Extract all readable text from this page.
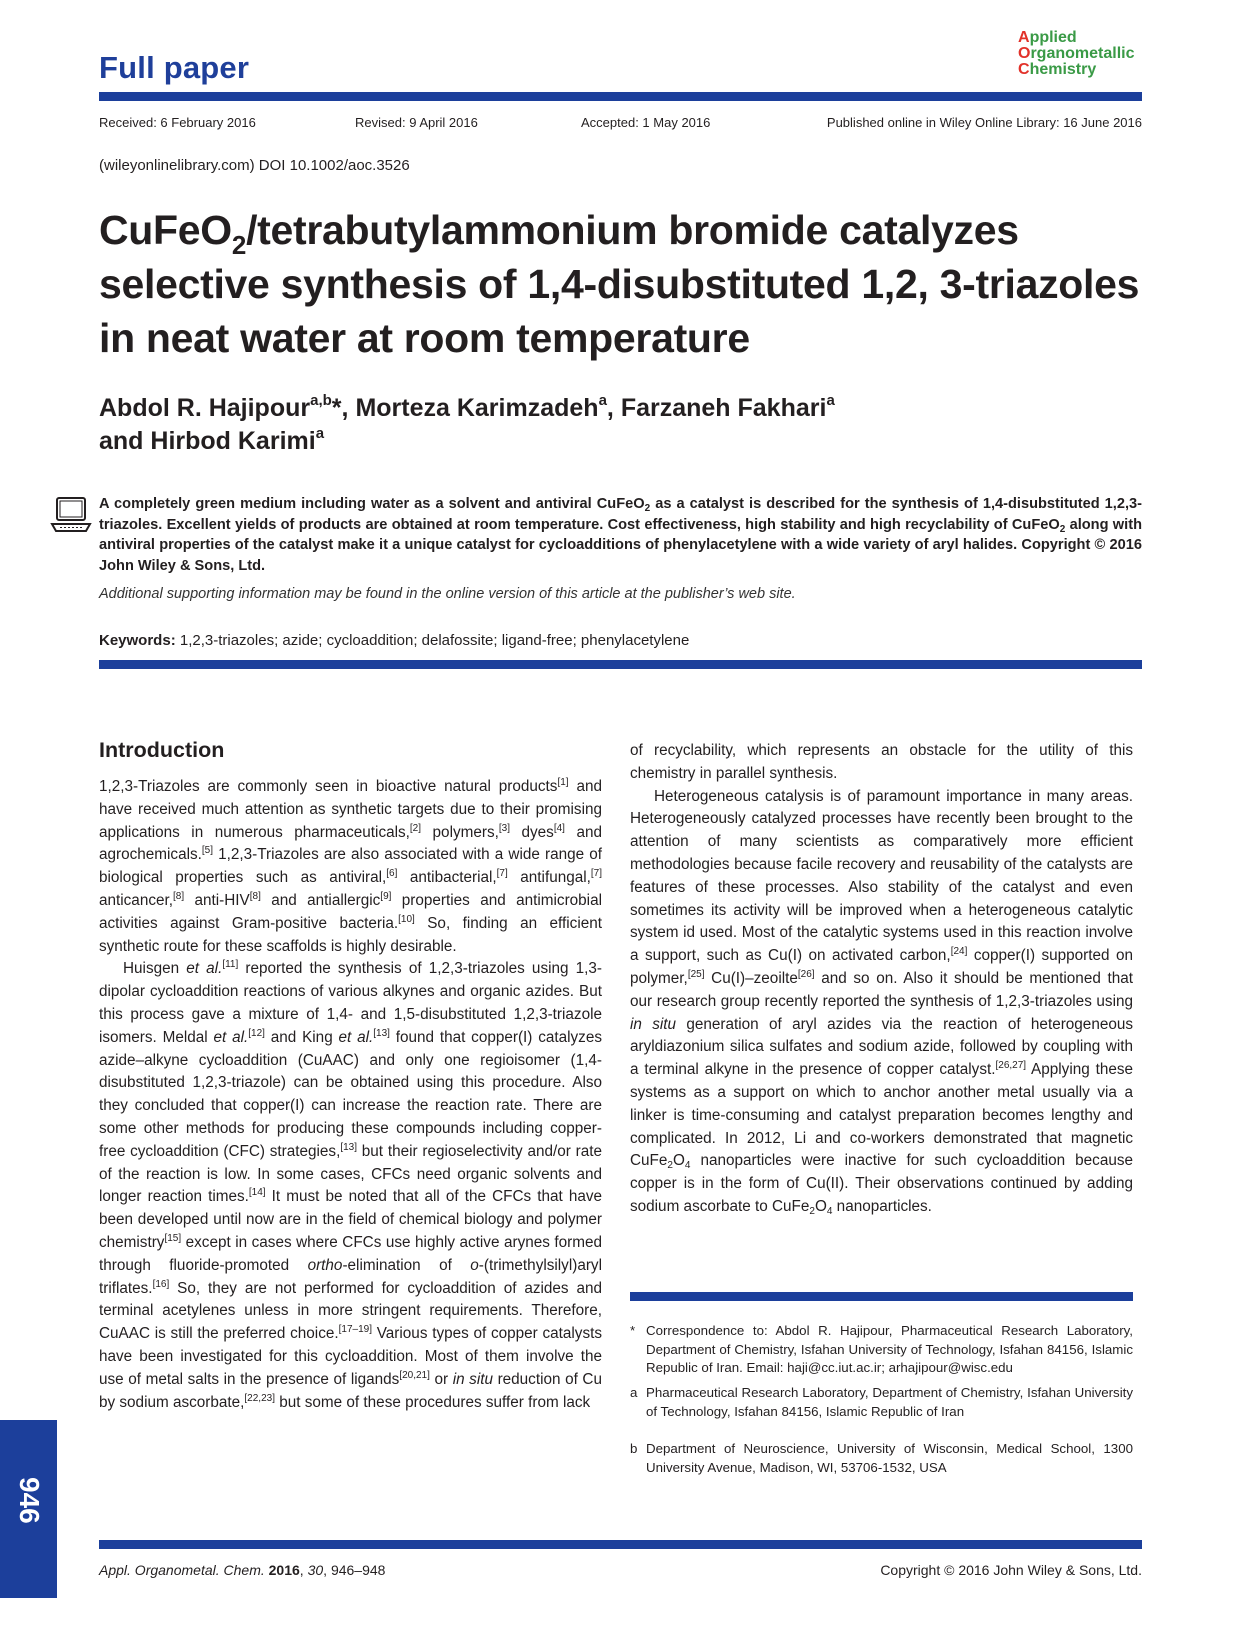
Full paper
Applied
Organometallic
Chemistry
Received: 6 February 2016	Revised: 9 April 2016	Accepted: 1 May 2016	Published online in Wiley Online Library: 16 June 2016
(wileyonlinelibrary.com) DOI 10.1002/aoc.3526
CuFeO$_2$/tetrabutylammonium bromide catalyzes selective synthesis of 1,4-disubstituted 1,2, 3-triazoles in neat water at room temperature
Abdol R. Hajipour$^{a,b}$*, Morteza Karimzadeh$^a$, Farzaneh Fakhari$^a$
and Hirbod Karimi$^a$
A completely green medium including water as a solvent and antiviral CuFeO$_2$ as a catalyst is described for the synthesis of 1,4-disubstituted 1,2,3-triazoles. Excellent yields of products are obtained at room temperature. Cost effectiveness, high stability and high recyclability of CuFeO$_2$ along with antiviral properties of the catalyst make it a unique catalyst for cycloadditions of phenylacetylene with a wide variety of aryl halides. Copyright © 2016 John Wiley & Sons, Ltd.
Additional supporting information may be found in the online version of this article at the publisher’s web site.
Keywords: 1,2,3-triazoles; azide; cycloaddition; delafossite; ligand-free; phenylacetylene
Introduction

1,2,3-Triazoles are commonly seen in bioactive natural products[1] and have received much attention as synthetic targets due to their promising applications in numerous pharmaceuticals,[2] polymers,[3] dyes[4] and agrochemicals.[5] 1,2,3-Triazoles are also associated with a wide range of biological properties such as antiviral,[6] antibacterial,[7] antifungal,[7] anticancer,[8] anti-HIV[8] and antiallergic[9] properties and antimicrobial activities against Gram-positive bacteria.[10] So, finding an efficient synthetic route for these scaffolds is highly desirable.

Huisgen et al.[11] reported the synthesis of 1,2,3-triazoles using 1,3-dipolar cycloaddition reactions of various alkynes and organic azides. But this process gave a mixture of 1,4- and 1,5-disubstituted 1,2,3-triazole isomers. Meldal et al.[12] and King et al.[13] found that copper(I) catalyzes azide–alkyne cycloaddition (CuAAC) and only one regioisomer (1,4-disubstituted 1,2,3-triazole) can be obtained using this procedure. Also they concluded that copper(I) can increase the reaction rate. There are some other methods for producing these compounds including copper-free cycloaddition (CFC) strategies,[13] but their regioselectivity and/or rate of the reaction is low. In some cases, CFCs need organic solvents and longer reaction times.[14] It must be noted that all of the CFCs that have been developed until now are in the field of chemical biology and polymer chemistry[15] except in cases where CFCs use highly active arynes formed through fluoride-promoted ortho-elimination of o-(trimethylsilyl)aryl triflates.[16] So, they are not performed for cycloaddition of azides and terminal acetylenes unless in more stringent requirements. Therefore, CuAAC is still the preferred choice.[17–19] Various types of copper catalysts have been investigated for this cycloaddition. Most of them involve the use of metal salts in the presence of ligands[20,21] or in situ reduction of Cu by sodium ascorbate,[22,23] but some of these procedures suffer from lack

of recyclability, which represents an obstacle for the utility of this chemistry in parallel synthesis.

Heterogeneous catalysis is of paramount importance in many areas. Heterogeneously catalyzed processes have recently been brought to the attention of many scientists as comparatively more efficient methodologies because facile recovery and reusability of the catalysts are features of these processes. Also stability of the catalyst and even sometimes its activity will be improved when a heterogeneous catalytic system id used. Most of the catalytic systems used in this reaction involve a support, such as Cu(I) on activated carbon,[24] copper(I) supported on polymer,[25] Cu(I)–zeoilte[26] and so on. Also it should be mentioned that our research group recently reported the synthesis of 1,2,3-triazoles using in situ generation of aryl azides via the reaction of heterogeneous aryldiazonium silica sulfates and sodium azide, followed by coupling with a terminal alkyne in the presence of copper catalyst.[26,27] Applying these systems as a support on which to anchor another metal usually via a linker is time-consuming and catalyst preparation becomes lengthy and complicated. In 2012, Li and co-workers demonstrated that magnetic $CuFe_2O_4$ nanoparticles were inactive for such cycloaddition because copper is in the form of Cu(II). Their observations continued by adding sodium ascorbate to $CuFe_2O_4$ nanoparticles.

* Correspondence to: Abdol R. Hajipour, Pharmaceutical Research Laboratory, Department of Chemistry, Isfahan University of Technology, Isfahan 84156, Islamic Republic of Iran. Email: haji@cc.iut.ac.ir; arhajipour@wisc.edu
a Pharmaceutical Research Laboratory, Department of Chemistry, Isfahan University of Technology, Isfahan 84156, Islamic Republic of Iran
b Department of Neuroscience, University of Wisconsin, Medical School, 1300 University Avenue, Madison, WI, 53706-1532, USA
946
Appl. Organometal. Chem. 2016, 30, 946–948	Copyright © 2016 John Wiley & Sons, Ltd.
